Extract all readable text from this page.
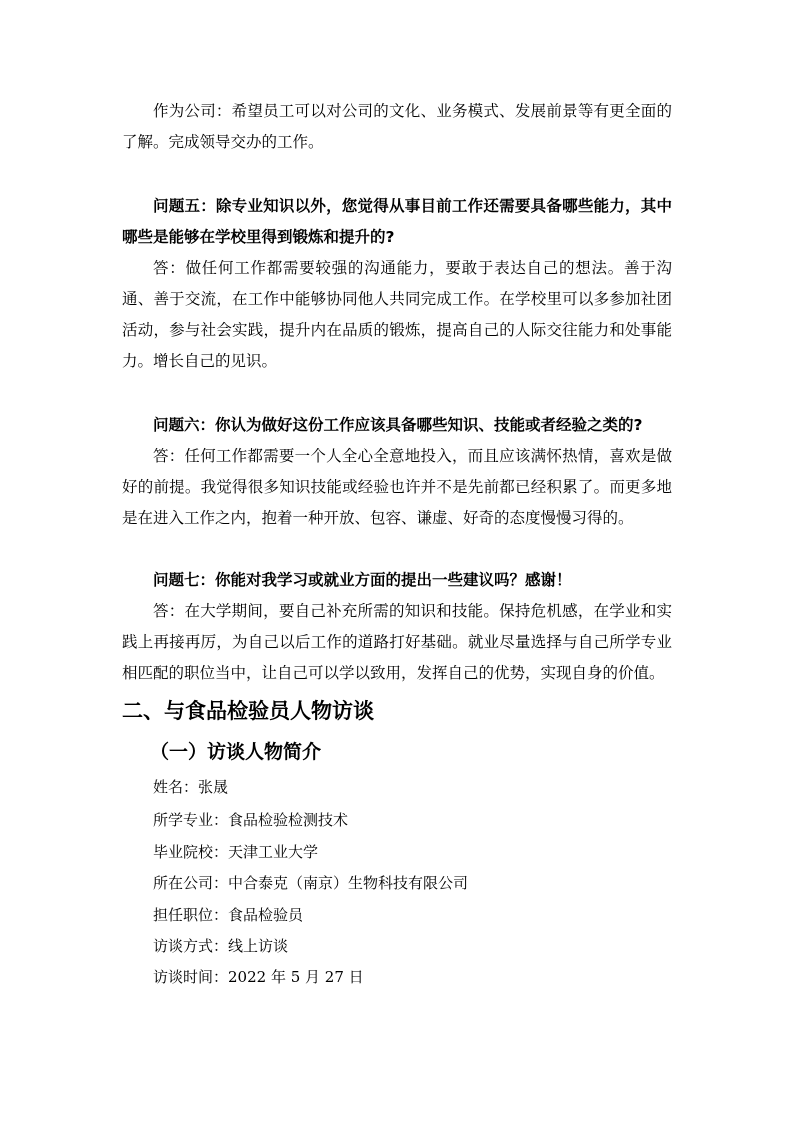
作为公司：希望员工可以对公司的文化、业务模式、发展前景等有更全面的了解。完成领导交办的工作。

问题五：除专业知识以外，您觉得从事目前工作还需要具备哪些能力，其中哪些是能够在学校里得到锻炼和提升的?

答：做任何工作都需要较强的沟通能力，要敢于表达自己的想法。善于沟通、善于交流，在工作中能够协同他人共同完成工作。在学校里可以多参加社团活动，参与社会实践，提升内在品质的锻炼，提高自己的人际交往能力和处事能力。增长自己的见识。

问题六：你认为做好这份工作应该具备哪些知识、技能或者经验之类的?

答：任何工作都需要一个人全心全意地投入，而且应该满怀热情，喜欢是做好的前提。我觉得很多知识技能或经验也许并不是先前都已经积累了。而更多地是在进入工作之内，抱着一种开放、包容、谦虚、好奇的态度慢慢习得的。

问题七：你能对我学习或就业方面的提出一些建议吗？感谢！

答：在大学期间，要自己补充所需的知识和技能。保持危机感，在学业和实践上再接再厉，为自己以后工作的道路打好基础。就业尽量选择与自己所学专业相匹配的职位当中，让自己可以学以致用，发挥自己的优势，实现自身的价值。

二、与食品检验员人物访谈
（一）访谈人物简介
姓名：张晟
所学专业：食品检验检测技术
毕业院校：天津工业大学
所在公司：中合泰克（南京）生物科技有限公司
担任职位：食品检验员
访谈方式：线上访谈
访谈时间：2022 年 5 月 27 日
